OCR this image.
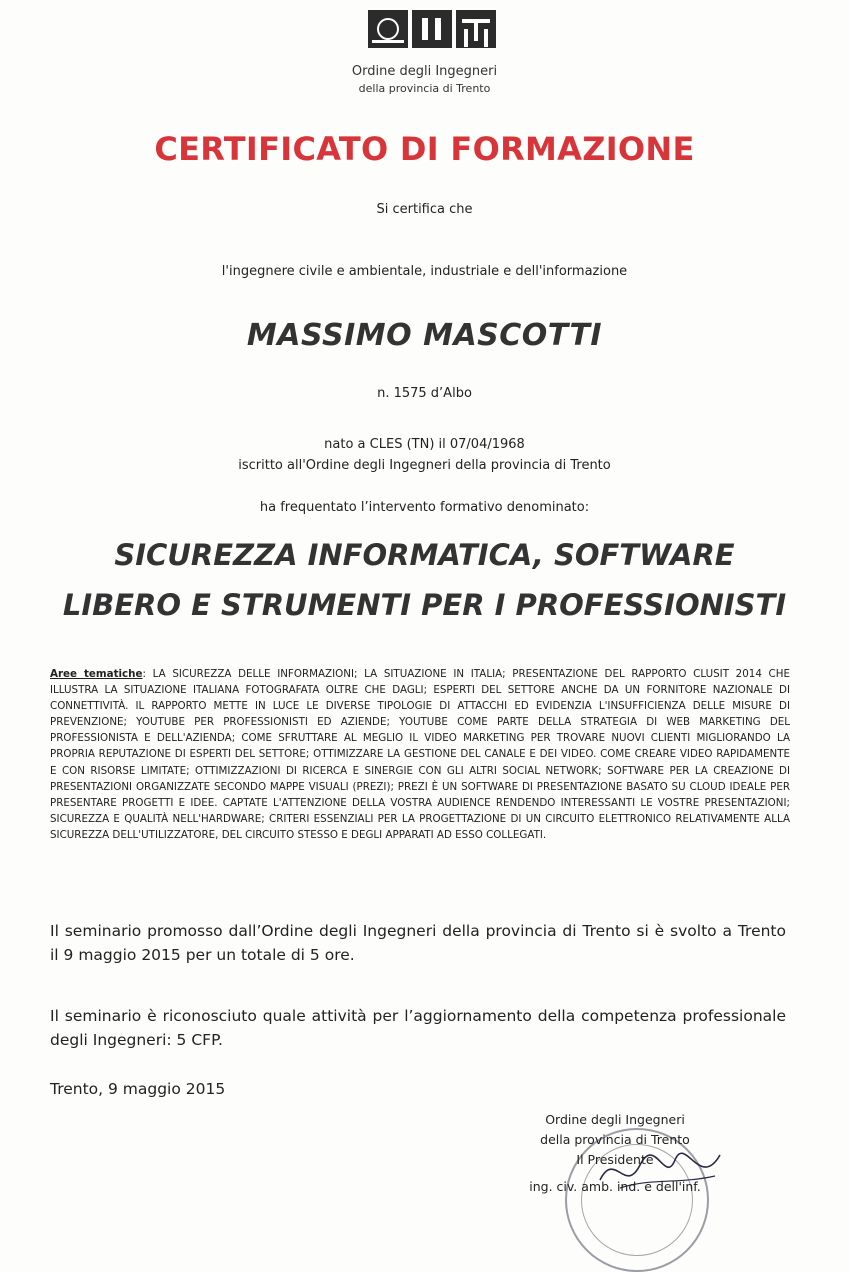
Ordine degli Ingegneri
della provincia di Trento
CERTIFICATO DI FORMAZIONE
Si certifica che
l'ingegnere civile e ambientale, industriale e dell'informazione
MASSIMO MASCOTTI
n. 1575 d’Albo
nato a CLES (TN) il 07/04/1968
iscritto all'Ordine degli Ingegneri della provincia di Trento
ha frequentato l’intervento formativo denominato:
SICUREZZA INFORMATICA, SOFTWARE
LIBERO E STRUMENTI PER I PROFESSIONISTI
Aree tematiche: LA SICUREZZA DELLE INFORMAZIONI; LA SITUAZIONE IN ITALIA; PRESENTAZIONE DEL RAPPORTO CLUSIT 2014 CHE ILLUSTRA LA SITUAZIONE ITALIANA FOTOGRAFATA OLTRE CHE DAGLI; ESPERTI DEL SETTORE ANCHE DA UN FORNITORE NAZIONALE DI CONNETTIVITÀ. IL RAPPORTO METTE IN LUCE LE DIVERSE TIPOLOGIE DI ATTACCHI ED EVIDENZIA L'INSUFFICIENZA DELLE MISURE DI PREVENZIONE; YOUTUBE PER PROFESSIONISTI ED AZIENDE; YOUTUBE COME PARTE DELLA STRATEGIA DI WEB MARKETING DEL PROFESSIONISTA E DELL'AZIENDA; COME SFRUTTARE AL MEGLIO IL VIDEO MARKETING PER TROVARE NUOVI CLIENTI MIGLIORANDO LA PROPRIA REPUTAZIONE DI ESPERTI DEL SETTORE; OTTIMIZZARE LA GESTIONE DEL CANALE E DEI VIDEO. COME CREARE VIDEO RAPIDAMENTE E CON RISORSE LIMITATE; OTTIMIZZAZIONI DI RICERCA E SINERGIE CON GLI ALTRI SOCIAL NETWORK; SOFTWARE PER LA CREAZIONE DI PRESENTAZIONI ORGANIZZATE SECONDO MAPPE VISUALI (PREZI); PREZI È UN SOFTWARE DI PRESENTAZIONE BASATO SU CLOUD IDEALE PER PRESENTARE PROGETTI E IDEE. CAPTATE L'ATTENZIONE DELLA VOSTRA AUDIENCE RENDENDO INTERESSANTI LE VOSTRE PRESENTAZIONI; SICUREZZA E QUALITÀ NELL'HARDWARE; CRITERI ESSENZIALI PER LA PROGETTAZIONE DI UN CIRCUITO ELETTRONICO RELATIVAMENTE ALLA SICUREZZA DELL'UTILIZZATORE, DEL CIRCUITO STESSO E DEGLI APPARATI AD ESSO COLLEGATI.
Il seminario promosso dall’Ordine degli Ingegneri della provincia di Trento si è svolto a Trento il 9 maggio 2015 per un totale di 5 ore.
Il seminario è riconosciuto quale attività per l’aggiornamento della competenza professionale degli Ingegneri: 5 CFP.
Trento, 9 maggio 2015
Ordine degli Ingegneri
della provincia di Trento
Il Presidente
ing. civ. amb. ind. e dell'inf.
